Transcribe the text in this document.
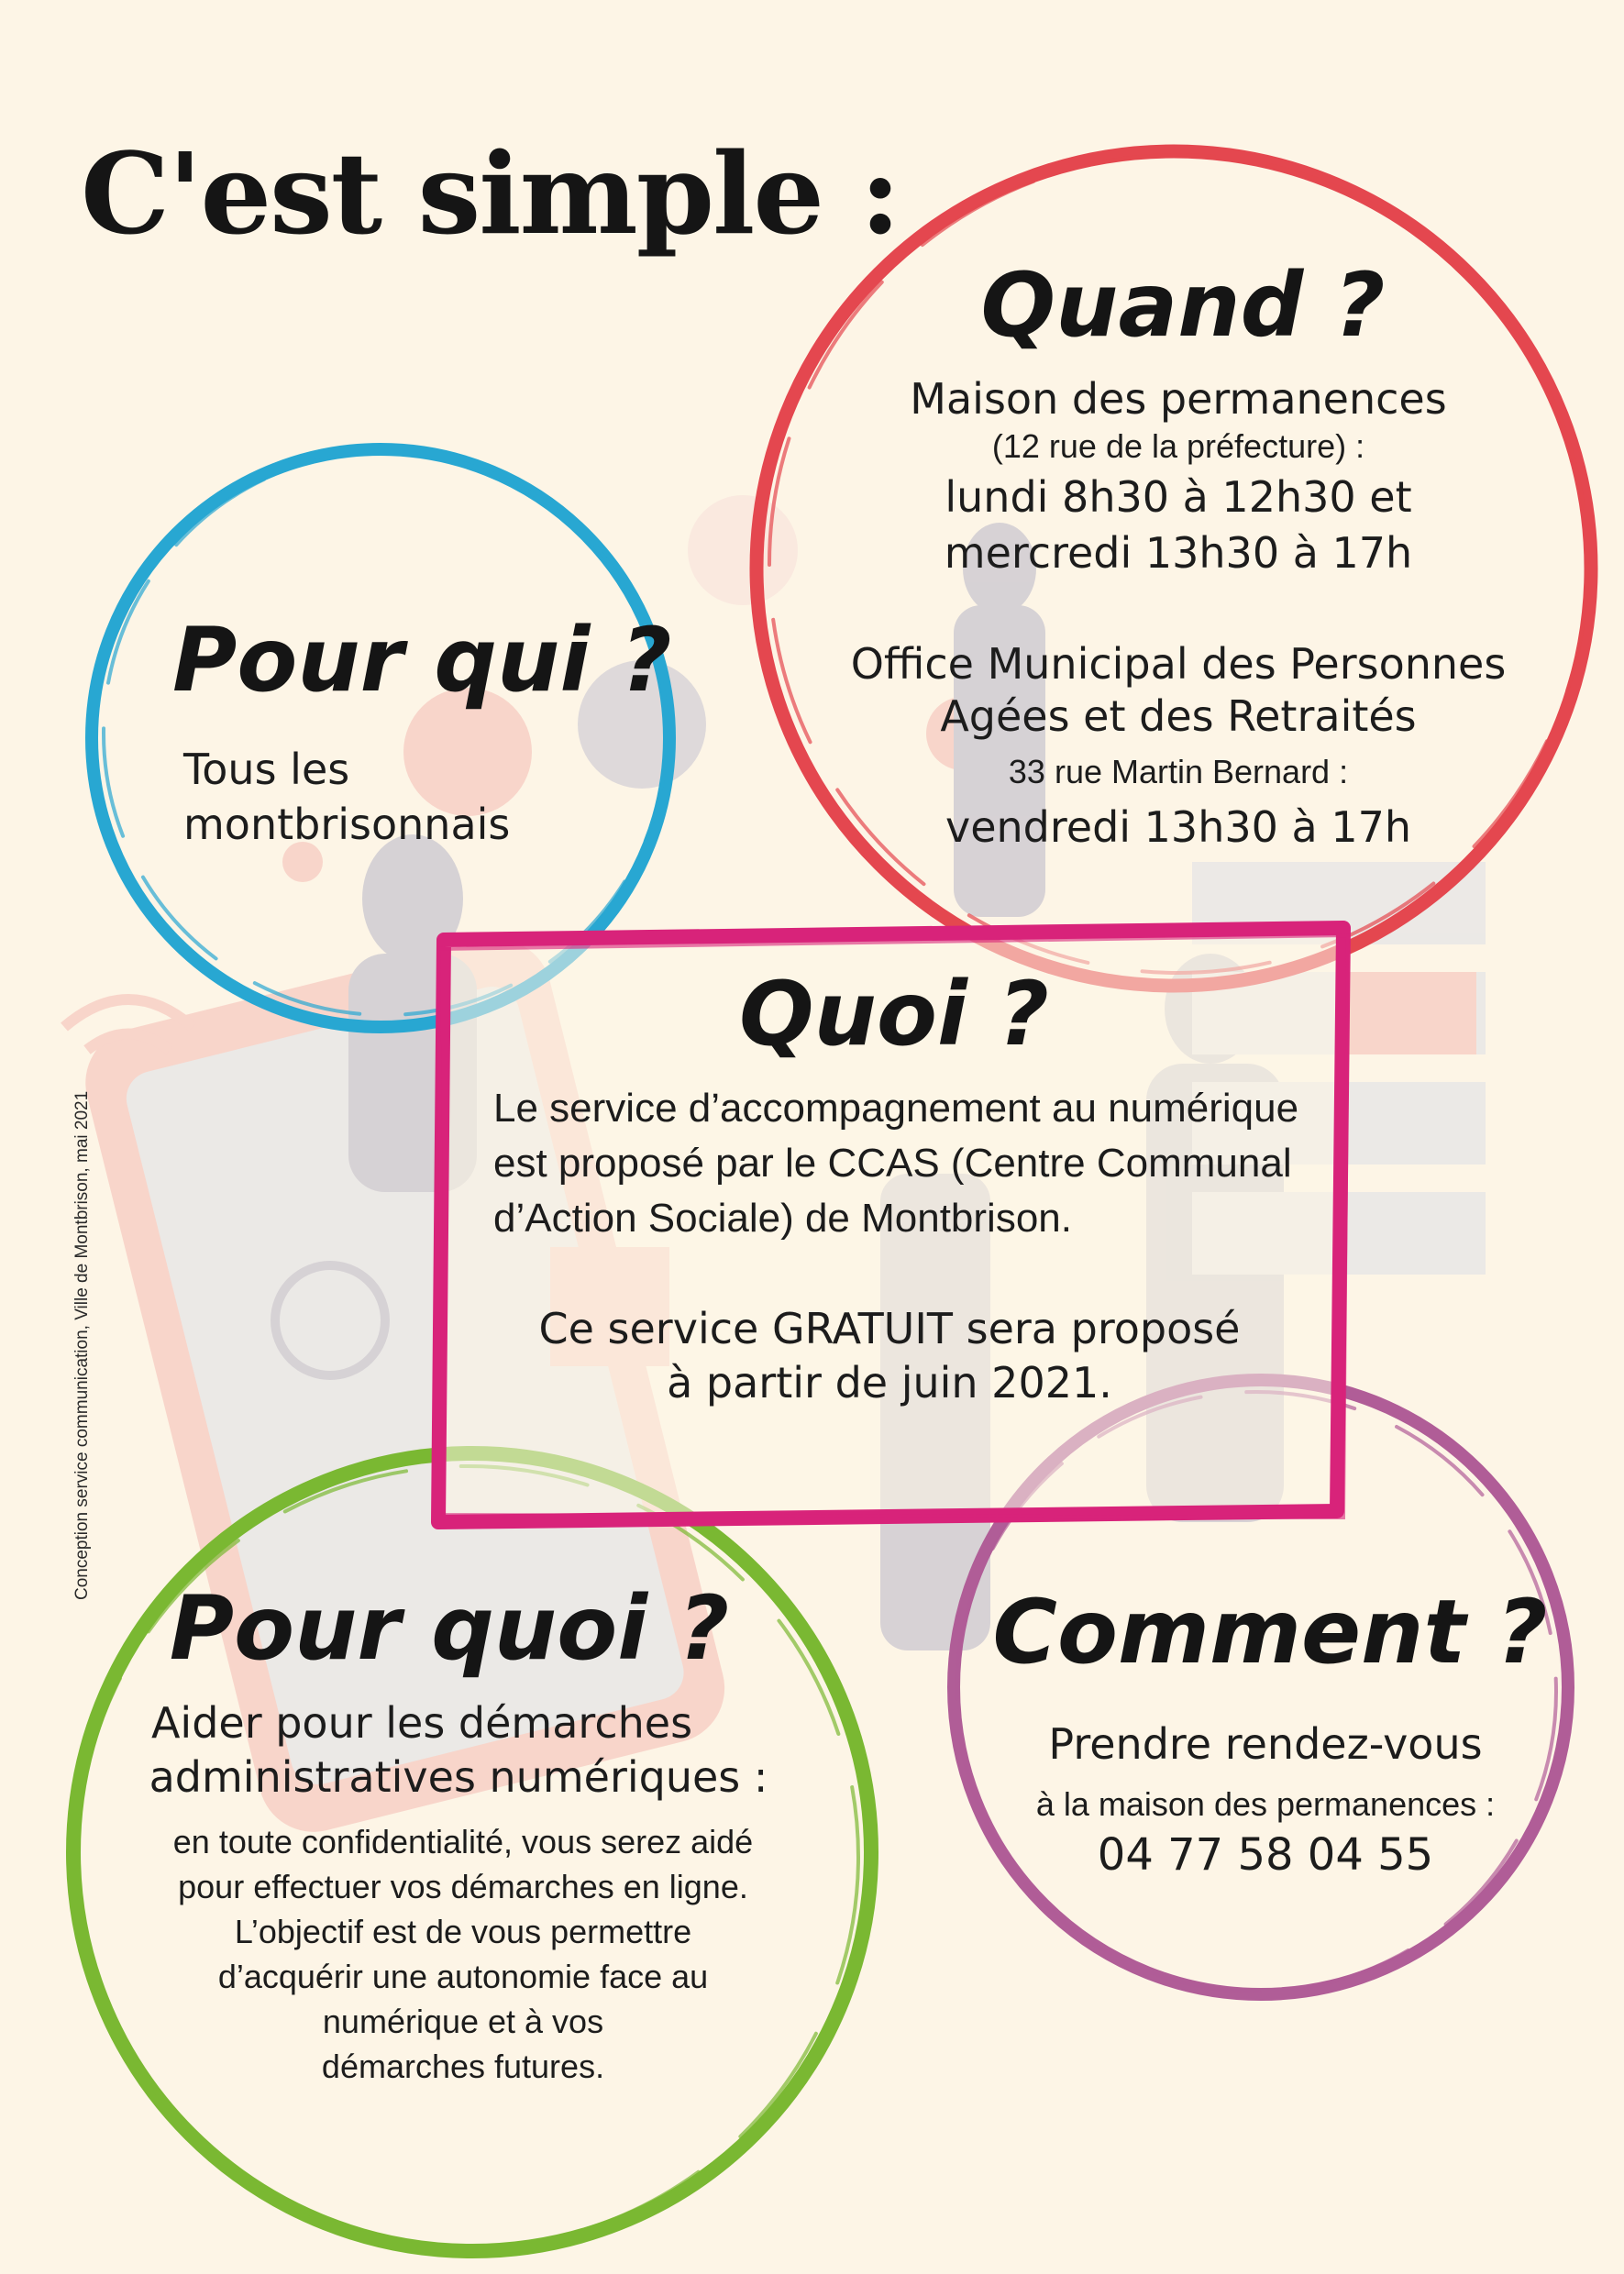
C'est simple :
Conception service communication, Ville de Montbrison, mai 2021
Quand ?
Maison des permanences
(12 rue de la préfecture) :
lundi 8h30 à 12h30 et
mercredi 13h30 à 17h
Office Municipal des Personnes
Agées et des Retraités
33 rue Martin Bernard :
vendredi 13h30 à 17h
Pour qui ?
Tous les
montbrisonnais
Quoi ?
Le service d’accompagnement au numérique
est proposé par le CCAS (Centre Communal
d’Action Sociale) de Montbrison.
Ce service GRATUIT sera proposé
à partir de juin 2021.
Pour quoi ?
Aider pour les démarches
administratives numériques :
en toute confidentialité, vous serez aidé
pour effectuer vos démarches en ligne.
L’objectif est de vous permettre
d’acquérir une autonomie face au
numérique et à vos
démarches futures.
Comment ?
Prendre rendez-vous
à la maison des permanences :
04 77 58 04 55
